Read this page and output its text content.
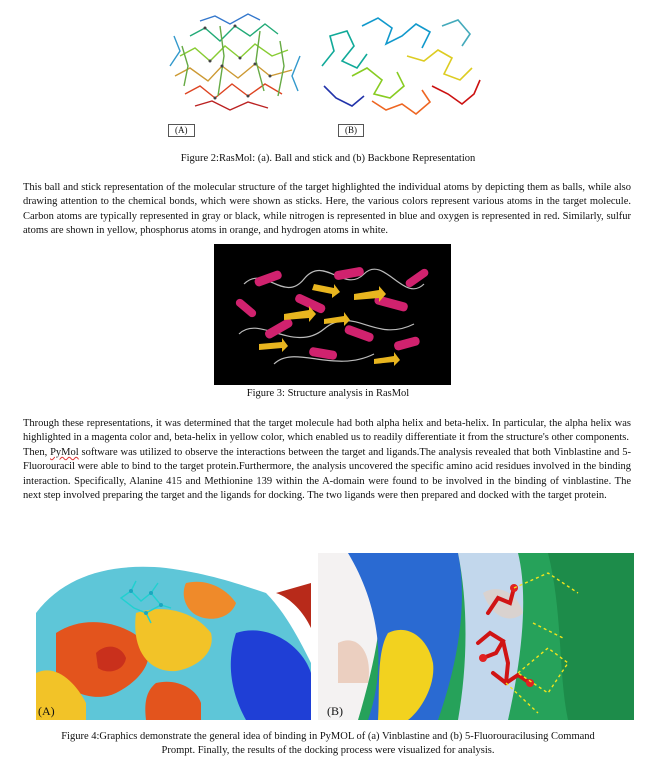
(A)	(B)
Figure 2:RasMol: (a). Ball and stick and (b) Backbone Representation

This ball and stick representation of the molecular structure of the target highlighted the individual atoms by depicting them as balls, while also drawing attention to the chemical bonds, which were shown as sticks. Here, the various colors represent various atoms in the target molecule. Carbon atoms are typically represented in gray or black, while nitrogen is represented in blue and oxygen is represented in red. Similarly, sulfur atoms are shown in yellow, phosphorus atoms in orange, and hydrogen atoms in white.

Figure 3: Structure analysis in RasMol

Through these representations, it was determined that the target molecule had both alpha helix and beta-helix. In particular, the alpha helix was highlighted in a magenta color and, beta-helix in yellow color, which enabled us to readily differentiate it from the structure's other components.

Then, PyMol software was utilized to observe the interactions between the target and ligands.The analysis revealed that both Vinblastine and 5- Fluorouracil were able to bind to the target protein.Furthermore, the analysis uncovered the specific amino acid residues involved in the binding interaction. Specifically, Alanine 415 and Methionine 139 within the A-domain were found to be involved in the binding of vinblastine. The next step involved preparing the target and the ligands for docking. The two ligands were then prepared and docked with the target protein.

(A)	(B)
Figure 4:Graphics demonstrate the general idea of binding in PyMOL of (a) Vinblastine and (b) 5-Fluorouracilusing Command
Prompt. Finally, the results of the docking process were visualized for analysis.
